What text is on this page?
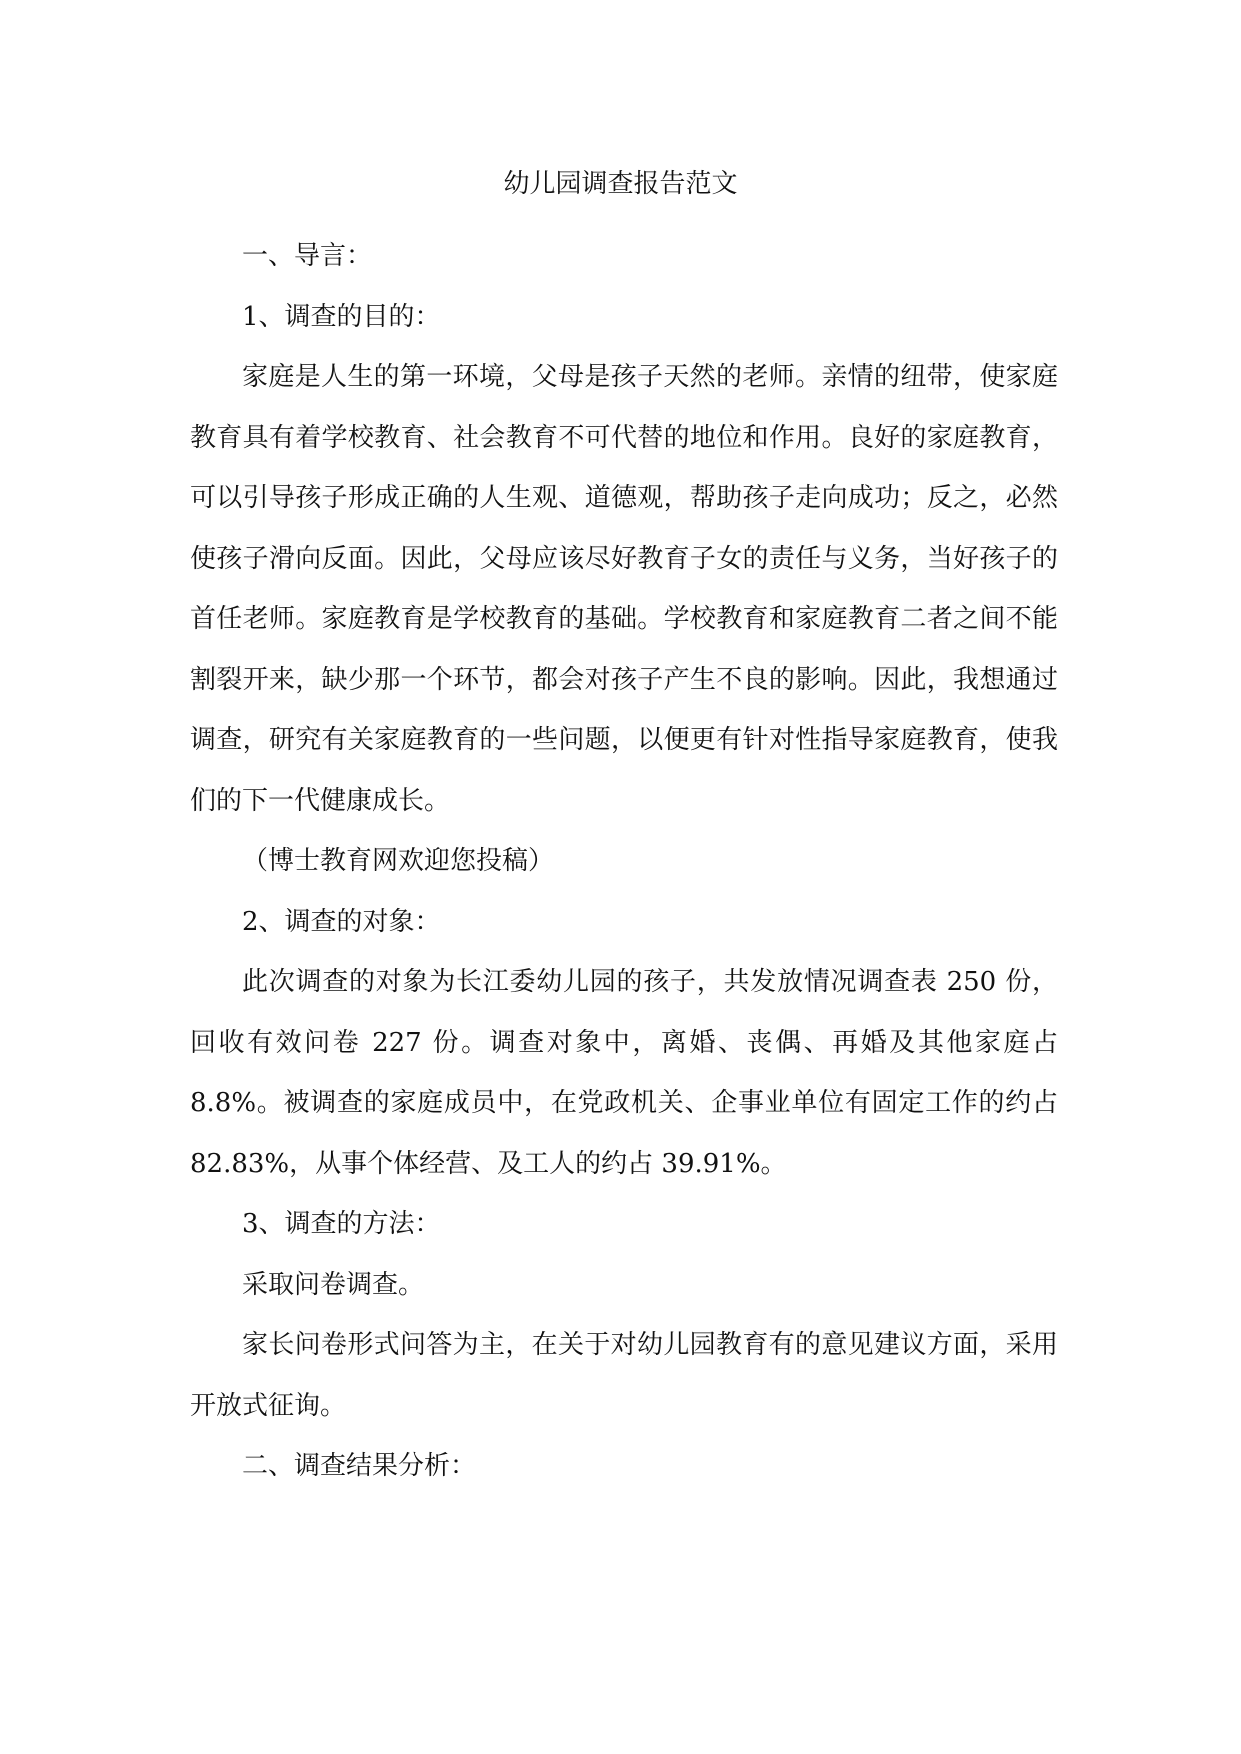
幼儿园调查报告范文

一、导言：

1、调查的目的：

家庭是人生的第一环境，父母是孩子天然的老师。亲情的纽带，使家庭教育具有着学校教育、社会教育不可代替的地位和作用。良好的家庭教育，可以引导孩子形成正确的人生观、道德观，帮助孩子走向成功；反之，必然使孩子滑向反面。因此，父母应该尽好教育子女的责任与义务，当好孩子的首任老师。家庭教育是学校教育的基础。学校教育和家庭教育二者之间不能割裂开来，缺少那一个环节，都会对孩子产生不良的影响。因此，我想通过调查，研究有关家庭教育的一些问题，以便更有针对性指导家庭教育，使我们的下一代健康成长。

（博士教育网欢迎您投稿）

2、调查的对象：

此次调查的对象为长江委幼儿园的孩子，共发放情况调查表 250 份，回收有效问卷 227 份。调查对象中，离婚、丧偶、再婚及其他家庭占 8.8%。被调查的家庭成员中，在党政机关、企事业单位有固定工作的约占 82.83%，从事个体经营、及工人的约占 39.91%。

3、调查的方法：

采取问卷调查。

家长问卷形式问答为主，在关于对幼儿园教育有的意见建议方面，采用开放式征询。

二、调查结果分析：
